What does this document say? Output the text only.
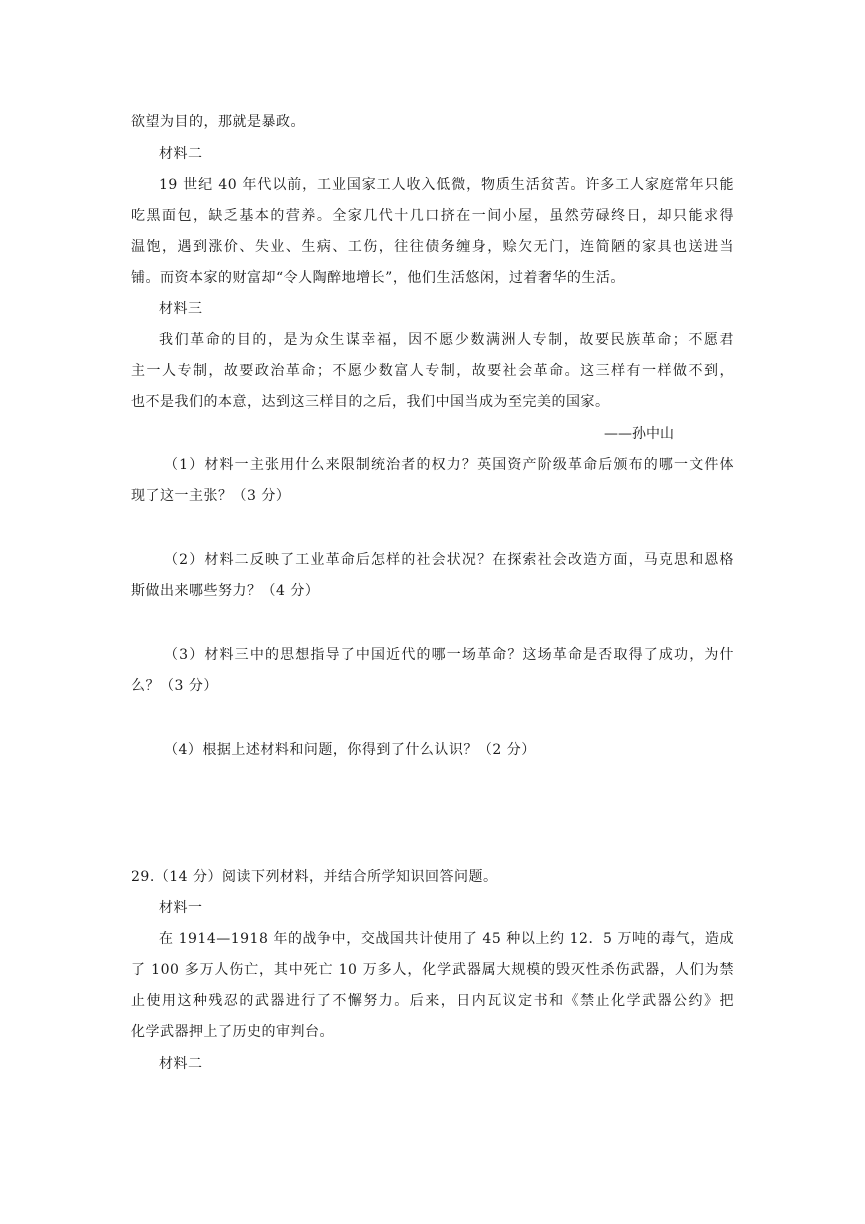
欲望为目的，那就是暴政。
材料二
19 世纪 40 年代以前，工业国家工人收入低微，物质生活贫苦。许多工人家庭常年只能
吃黑面包，缺乏基本的营养。全家几代十几口挤在一间小屋，虽然劳碌终日，却只能求得
温饱，遇到涨价、失业、生病、工伤，往往债务缠身，赊欠无门，连简陋的家具也送进当
铺。而资本家的财富却“令人陶醉地增长”，他们生活悠闲，过着奢华的生活。
材料三
我们革命的目的，是为众生谋幸福，因不愿少数满洲人专制，故要民族革命；不愿君
主一人专制，故要政治革命；不愿少数富人专制，故要社会革命。这三样有一样做不到，
也不是我们的本意，达到这三样目的之后，我们中国当成为至完美的国家。
——孙中山
（1）材料一主张用什么来限制统治者的权力？英国资产阶级革命后颁布的哪一文件体
现了这一主张？（3 分）
（2）材料二反映了工业革命后怎样的社会状况？在探索社会改造方面，马克思和恩格
斯做出来哪些努力？（4 分）
（3）材料三中的思想指导了中国近代的哪一场革命？这场革命是否取得了成功，为什
么？（3 分）
（4）根据上述材料和问题，你得到了什么认识？（2 分）
29.（14 分）阅读下列材料，并结合所学知识回答问题。
材料一
在 1914—1918 年的战争中，交战国共计使用了 45 种以上约 12．5 万吨的毒气，造成
了 100 多万人伤亡，其中死亡 10 万多人，化学武器属大规模的毁灭性杀伤武器，人们为禁
止使用这种残忍的武器进行了不懈努力。后来，日内瓦议定书和《禁止化学武器公约》把
化学武器押上了历史的审判台。
材料二
